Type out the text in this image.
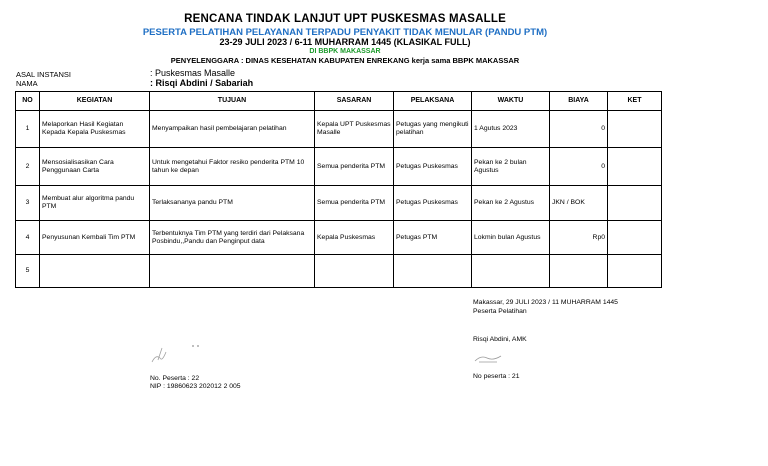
RENCANA TINDAK LANJUT UPT PUSKESMAS MASALLE
PESERTA PELATIHAN PELAYANAN TERPADU PENYAKIT TIDAK MENULAR (PANDU PTM)
23-29 JULI 2023 / 6-11 MUHARRAM 1445 (KLASIKAL FULL)
DI BBPK MAKASSAR
PENYELENGGARA : DINAS KESEHATAN KABUPATEN ENREKANG kerja sama BBPK MAKASSAR
ASAL INSTANSI	: Puskesmas Masalle
NAMA	: Risqi Abdini / Sabariah
NO	KEGIATAN	TUJUAN	SASARAN	PELAKSANA	WAKTU	BIAYA	KET
1	Melaporkan Hasil Kegiatan Kepada Kepala Puskesmas	Menyampaikan hasil pembelajaran pelatihan	Kepala UPT Puskesmas Masalle	Petugas yang mengikuti pelatihan	1 Agutus 2023	0	
2	Mensosialisasikan Cara Penggunaan Carta	Untuk mengetahui Faktor resiko penderita PTM 10 tahun ke depan	Semua penderita PTM	Petugas Puskesmas	Pekan ke 2 bulan Agustus	0	
3	Membuat alur algoritma pandu PTM	Terlaksananya pandu PTM	Semua penderita PTM	Petugas Puskesmas	Pekan ke 2 Agustus	JKN / BOK	
4	Penyusunan Kembali Tim PTM	Terbentuknya Tim PTM yang terdiri dari Pelaksana Posbindu,,Pandu dan Penginput data	Kepala Puskesmas	Petugas PTM	Lokmin bulan Agustus	Rp0	
5							
Makassar, 29 JULI 2023 / 11 MUHARRAM 1445
Peserta Pelatihan
Risqi Abdini, AMK
No peserta : 21
No. Peserta : 22
NIP : 19860623 202012 2 005
